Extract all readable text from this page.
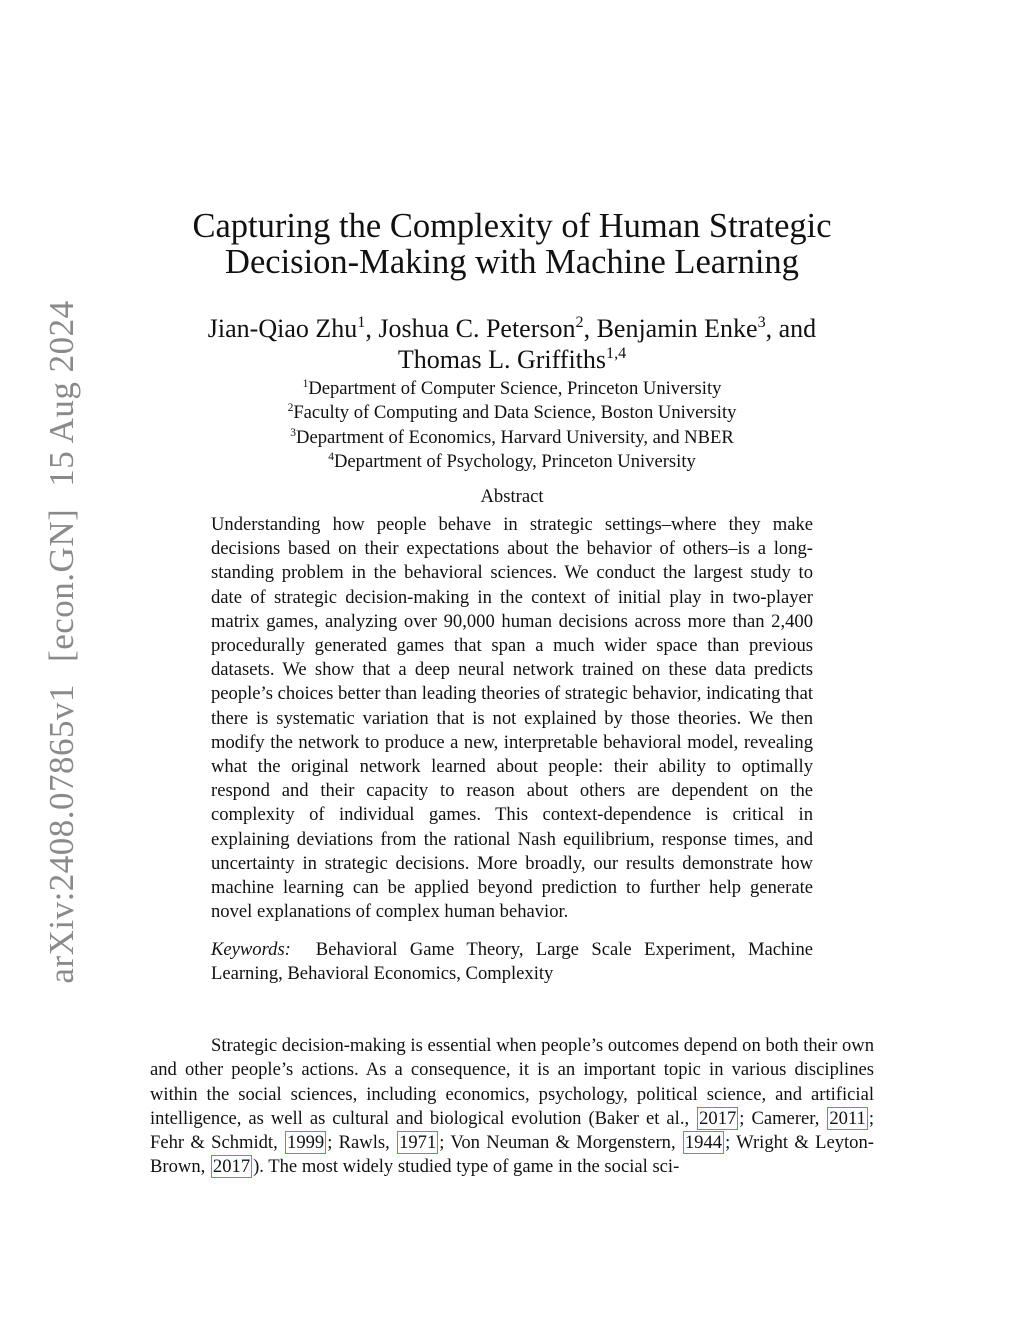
arXiv:2408.07865v1[econ.GN]15 Aug 2024
Capturing the Complexity of Human Strategic
Decision-Making with Machine Learning
Jian-Qiao Zhu$^1$, Joshua C. Peterson$^2$, Benjamin Enke$^3$, and
Thomas L. Griffiths$^{1,4}$
$^1$Department of Computer Science, Princeton University
$^2$Faculty of Computing and Data Science, Boston University
$^3$Department of Economics, Harvard University, and NBER
$^4$Department of Psychology, Princeton University
Abstract

Understanding how people behave in strategic settings–where they make decisions based on their expectations about the behavior of others–is a long-standing problem in the behavioral sciences. We conduct the largest study to date of strategic decision-making in the context of initial play in two-player matrix games, analyzing over 90,000 human decisions across more than 2,400 procedurally generated games that span a much wider space than previous datasets. We show that a deep neural network trained on these data predicts people’s choices better than leading theories of strategic behavior, indicating that there is systematic variation that is not explained by those theories. We then modify the network to produce a new, interpretable behavioral model, revealing what the original network learned about people: their ability to optimally respond and their capacity to reason about others are dependent on the complexity of individual games. This context-dependence is critical in explaining deviations from the rational Nash equilibrium, response times, and uncertainty in strategic decisions. More broadly, our results demonstrate how machine learning can be applied beyond prediction to further help generate novel explanations of complex human behavior.

Keywords: Behavioral Game Theory, Large Scale Experiment, Machine Learning, Behavioral Economics, Complexity

Strategic decision-making is essential when people’s outcomes depend on both their own and other people’s actions. As a consequence, it is an important topic in various disciplines within the social sciences, including economics, psychology, political science, and artificial intelligence, as well as cultural and biological evolution (Baker et al., 2017 ; Camerer, 2011 ; Fehr & Schmidt, 1999 ; Rawls, 1971 ; Von Neuman & Morgenstern, 1944 ; Wright & Leyton-Brown, 2017 ). The most widely studied type of game in the social sci-
